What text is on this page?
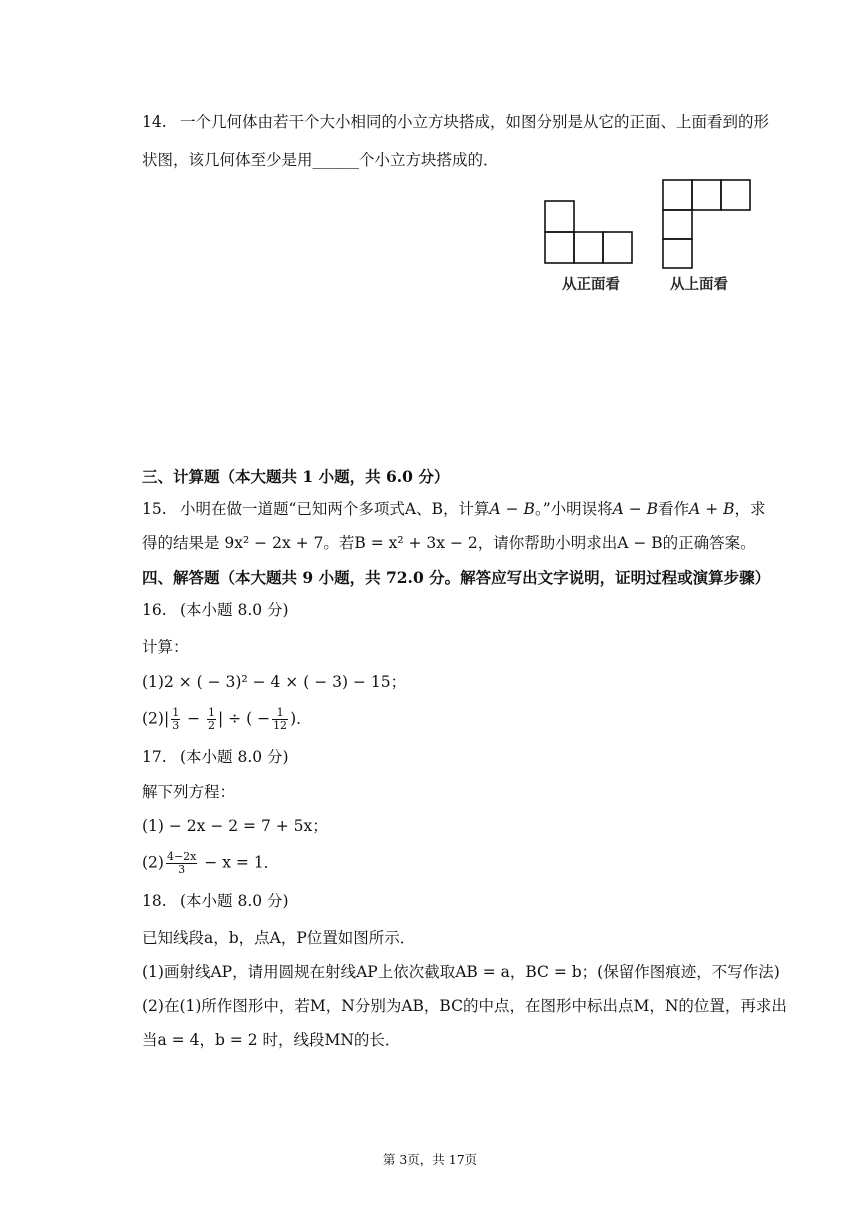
14. 一个几何体由若干个大小相同的小立方块搭成，如图分别是从它的正面、上面看到的形
状图，该几何体至少是用______个小立方块搭成的．
从正面看	从上面看
三、计算题（本大题共 1 小题，共 6.0 分）
15. 小明在做一道题“已知两个多项式A、B，计算A − B。”小明误将A − B看作A + B，求
得的结果是 9x² − 2x + 7。若B = x² + 3x − 2，请你帮助小明求出A − B的正确答案。
四、解答题（本大题共 9 小题，共 72.0 分。解答应写出文字说明，证明过程或演算步骤）
16. (本小题 8.0 分)
计算：
(1)2 × ( − 3)² − 4 × ( − 3) − 15；
$(2)| \frac{1}{3} - \frac{1}{2}$ | ÷ ( − $\frac{1}{12}$ )．
17. (本小题 8.0 分)
解下列方程：
(1) − 2x − 2 = 7 + 5x；
$(2) \frac{4-2x}{3} - x = 1$．
18. (本小题 8.0 分)
已知线段a，b，点A，P位置如图所示．
(1)画射线AP，请用圆规在射线AP上依次截取AB = a，BC = b；(保留作图痕迹，不写作法)
(2)在(1)所作图形中，若M，N分别为AB，BC的中点，在图形中标出点M，N的位置，再求出
当a = 4，b = 2 时，线段MN的长．
第 3页，共 17页
